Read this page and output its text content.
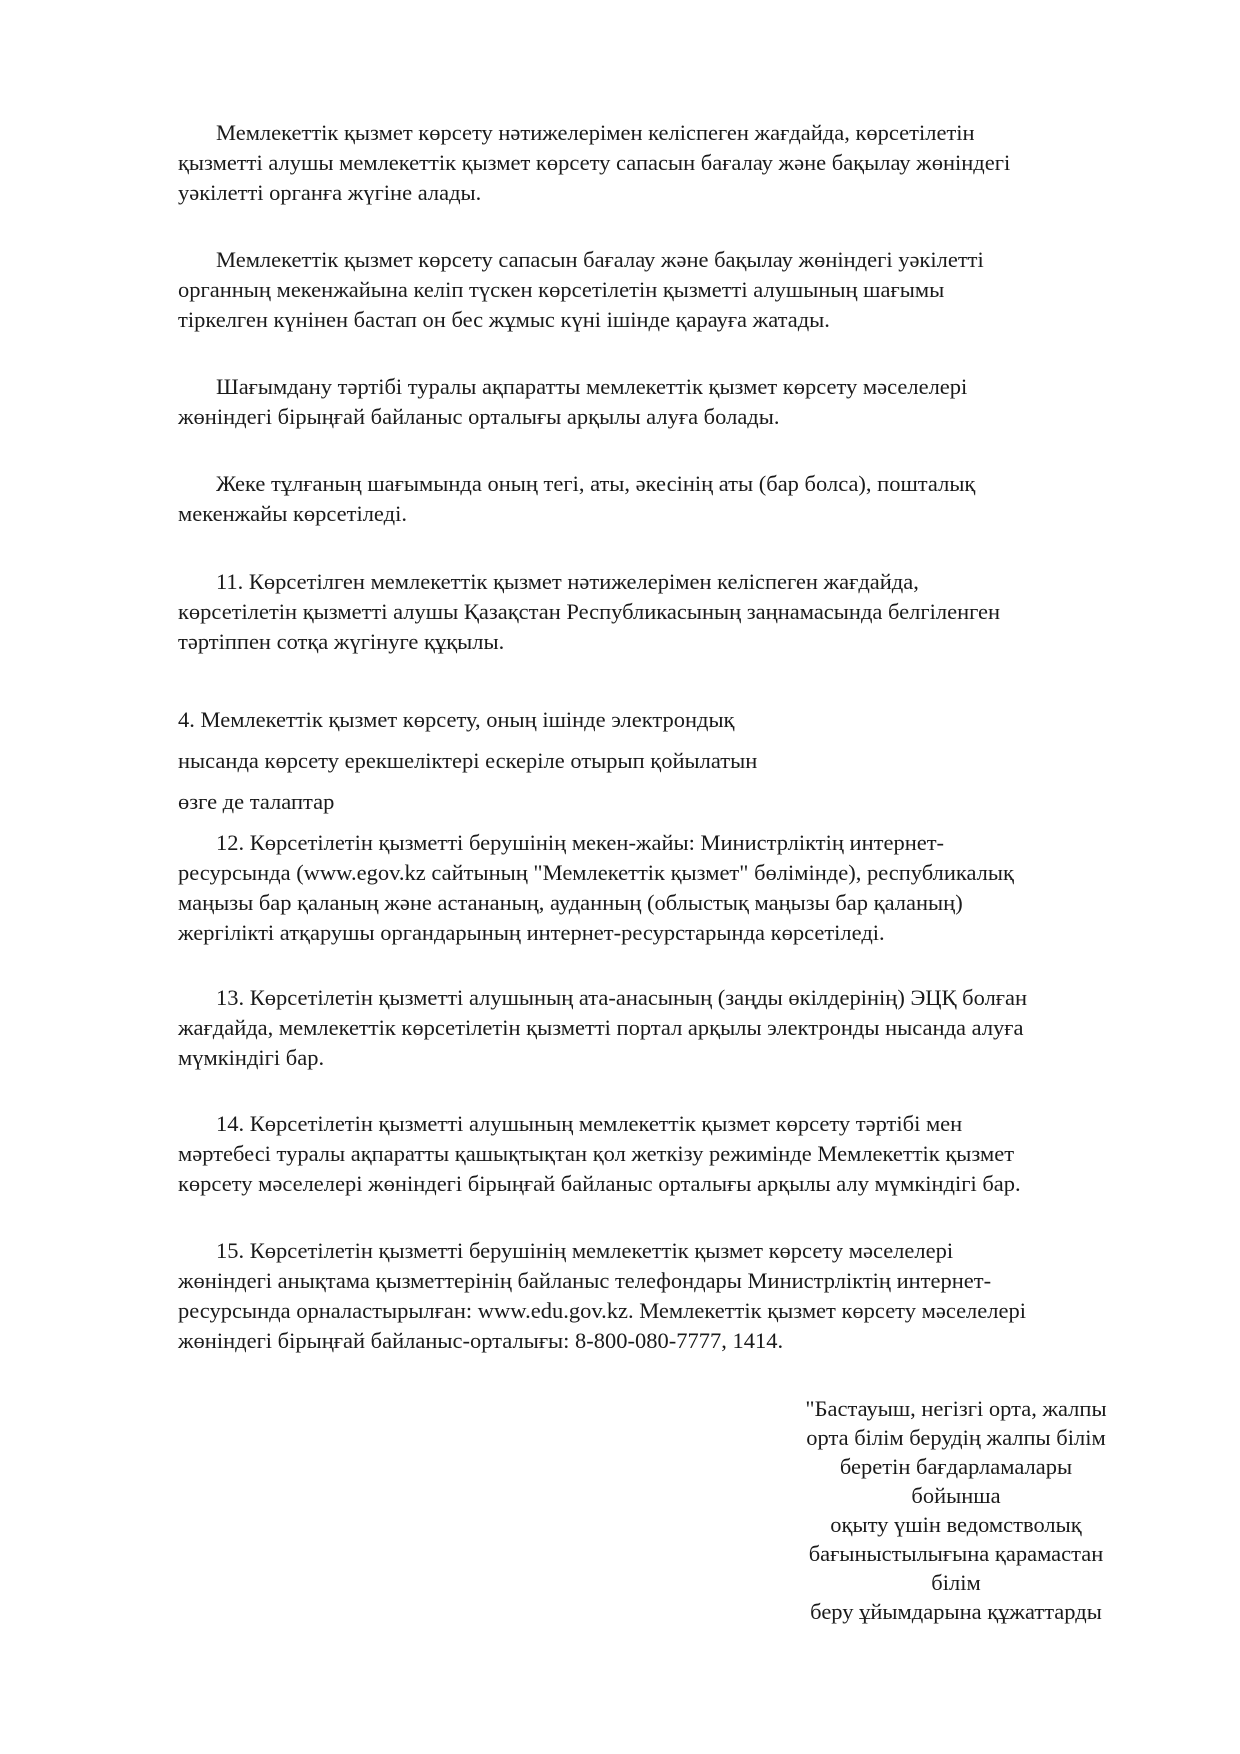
Мемлекеттік қызмет көрсету нәтижелерімен келіспеген жағдайда, көрсетілетін
қызметті алушы мемлекеттік қызмет көрсету сапасын бағалау және бақылау жөніндегі
уәкілетті органға жүгіне алады.
Мемлекеттік қызмет көрсету сапасын бағалау және бақылау жөніндегі уәкілетті
органның мекенжайына келіп түскен көрсетілетін қызметті алушының шағымы
тіркелген күнінен бастап он бес жұмыс күні ішінде қарауға жатады.
Шағымдану тәртібі туралы ақпаратты мемлекеттік қызмет көрсету мәселелері
жөніндегі бірыңғай байланыс орталығы арқылы алуға болады.
Жеке тұлғаның шағымында оның тегі, аты, әкесінің аты (бар болса), пошталық
мекенжайы көрсетіледі.
11. Көрсетілген мемлекеттік қызмет нәтижелерімен келіспеген жағдайда,
көрсетілетін қызметті алушы Қазақстан Республикасының заңнамасында белгіленген
тәртіппен сотқа жүгінуге құқылы.
4. Мемлекеттік қызмет көрсету, оның ішінде электрондық
нысанда көрсету ерекшеліктері ескеріле отырып қойылатын
өзге де талаптар
12. Көрсетілетін қызметті берушінің мекен-жайы: Министрліктің интернет-
ресурсында (www.egov.kz сайтының "Мемлекеттік қызмет" бөлімінде), республикалық
маңызы бар қаланың және астананың, ауданның (облыстық маңызы бар қаланың)
жергілікті атқарушы органдарының интернет-ресурстарында көрсетіледі.
13. Көрсетілетін қызметті алушының ата-анасының (заңды өкілдерінің) ЭЦҚ болған
жағдайда, мемлекеттік көрсетілетін қызметті портал арқылы электронды нысанда алуға
мүмкіндігі бар.
14. Көрсетілетін қызметті алушының мемлекеттік қызмет көрсету тәртібі мен
мәртебесі туралы ақпаратты қашықтықтан қол жеткізу режимінде Мемлекеттік қызмет
көрсету мәселелері жөніндегі бірыңғай байланыс орталығы арқылы алу мүмкіндігі бар.
15. Көрсетілетін қызметті берушінің мемлекеттік қызмет көрсету мәселелері
жөніндегі анықтама қызметтерінің байланыс телефондары Министрліктің интернет-
ресурсында орналастырылған: www.edu.gov.kz. Мемлекеттік қызмет көрсету мәселелері
жөніндегі бірыңғай байланыс-орталығы: 8-800-080-7777, 1414.
"Бастауыш, негізгі орта, жалпы
орта білім берудің жалпы білім
беретін бағдарламалары
бойынша
оқыту үшін ведомстволық
бағыныстылығына қарамастан
білім
беру ұйымдарына құжаттарды
